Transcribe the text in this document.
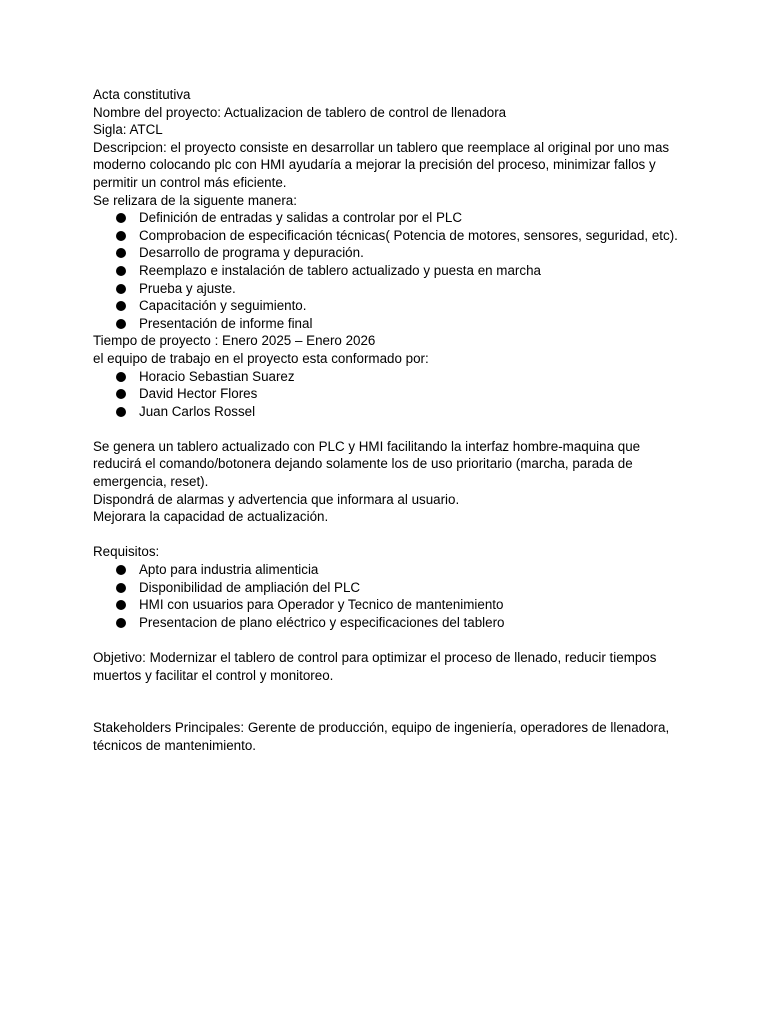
Acta constitutiva

Nombre del proyecto: Actualizacion de tablero de control de llenadora

Sigla: ATCL

Descripcion: el proyecto consiste en desarrollar un tablero que reemplace al original por uno mas moderno colocando plc con HMI ayudaría a mejorar la precisión del proceso, minimizar fallos y permitir un control más eficiente.

Se relizara de la siguente manera:

Definición de entradas y salidas a controlar por el PLC
Comprobacion de especificación técnicas( Potencia de motores, sensores, seguridad, etc).
Desarrollo de programa y depuración.
Reemplazo e instalación de tablero actualizado y puesta en marcha
Prueba y ajuste.
Capacitación y seguimiento.
Presentación de informe final

Tiempo de proyecto : Enero 2025 – Enero 2026

el equipo de trabajo en el proyecto esta conformado por:

Horacio Sebastian Suarez
David Hector Flores
Juan Carlos Rossel

Se genera un tablero actualizado con PLC y HMI facilitando la interfaz hombre-maquina que reducirá el comando/botonera dejando solamente los de uso prioritario (marcha, parada de emergencia, reset).

Dispondrá de alarmas y advertencia que informara al usuario.

Mejorara la capacidad de actualización.

Requisitos:

Apto para industria alimenticia
Disponibilidad de ampliación del PLC
HMI con usuarios para Operador y Tecnico de mantenimiento
Presentacion de plano eléctrico y especificaciones del tablero

Objetivo: Modernizar el tablero de control para optimizar el proceso de llenado, reducir tiempos muertos y facilitar el control y monitoreo.

Stakeholders Principales: Gerente de producción, equipo de ingeniería, operadores de llenadora, técnicos de mantenimiento.
